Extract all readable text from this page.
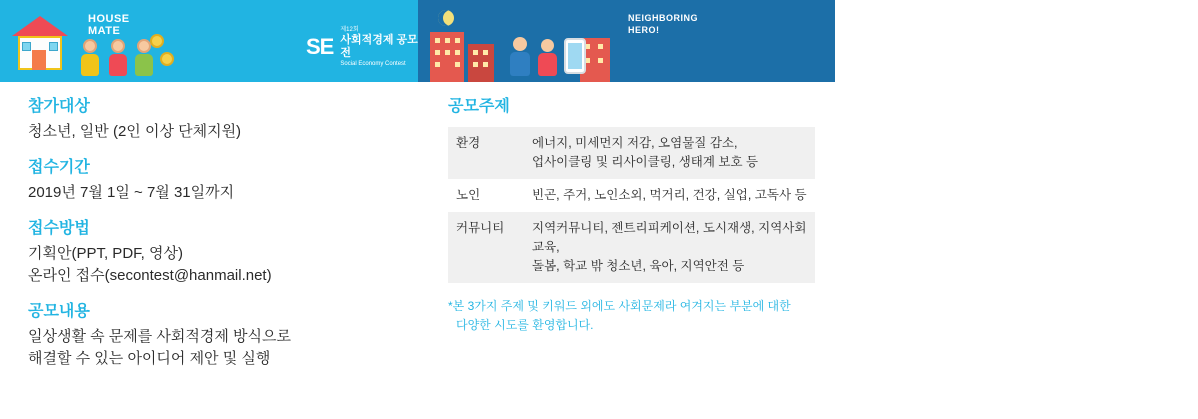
HOUSE
MATE
SE
제12회
사회적경제 공모전
Social Economy Contest
NEIGHBORING
HERO!
SE
제12회
사회적경제 공모전
Social Economy Contest
참가대상
청소년, 일반 (2인 이상 단체지원)
접수기간
2019년 7월 1일 ~ 7월 31일까지
접수방법
기획안(PPT, PDF, 영상)
온라인 접수(secontest@hanmail.net)
공모내용
일상생활 속 문제를 사회적경제 방식으로
해결할 수 있는 아이디어 제안 및 실행
공모주제
환경	에너지, 미세먼지 저감, 오염물질 감소,
업사이클링 및 리사이클링, 생태계 보호 등

노인	빈곤, 주거, 노인소외, 먹거리, 건강, 실업, 고독사 등

커뮤니티	지역커뮤니티, 젠트리피케이션, 도시재생, 지역사회 교육,
돌봄, 학교 밖 청소년, 육아, 지역안전 등
*본 3가지 주제 및 키워드 외에도 사회문제라 여겨지는 부분에 대한
다양한 시도를 환영합니다.
